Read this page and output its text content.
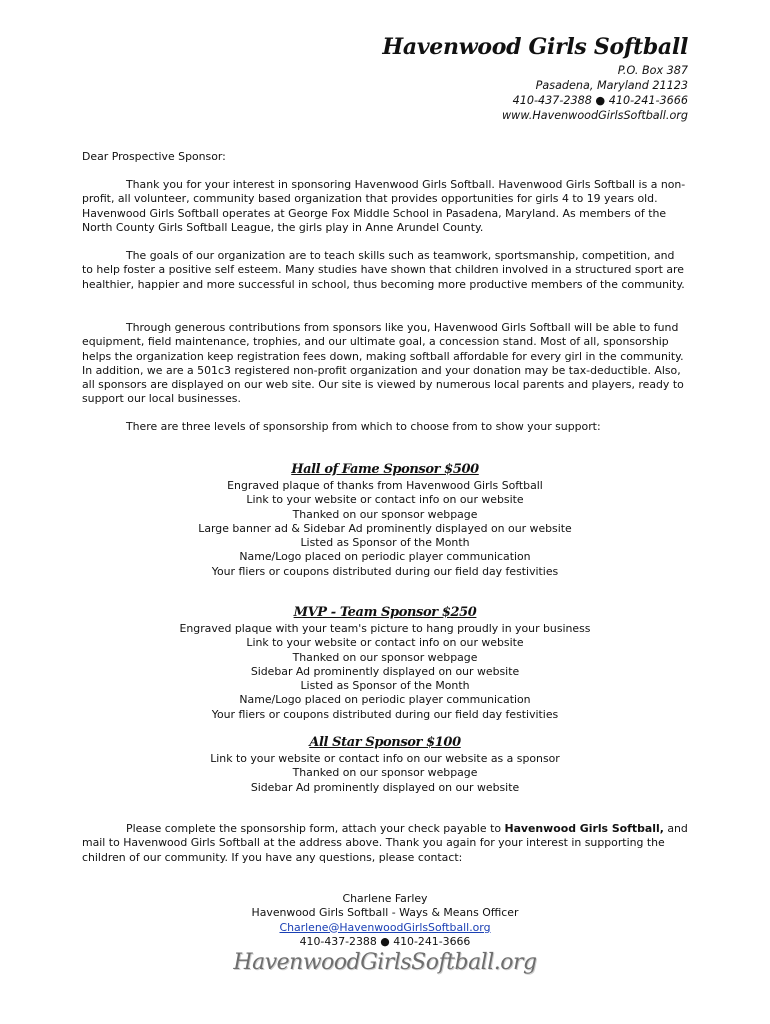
Havenwood Girls Softball
P.O. Box 387
Pasadena, Maryland 21123
410-437-2388 ● 410-241-3666
www.HavenwoodGirlsSoftball.org
Dear Prospective Sponsor:

Thank you for your interest in sponsoring Havenwood Girls Softball. Havenwood Girls Softball is a non-profit, all volunteer, community based organization that provides opportunities for girls 4 to 19 years old. Havenwood Girls Softball operates at George Fox Middle School in Pasadena, Maryland. As members of the North County Girls Softball League, the girls play in Anne Arundel County.

The goals of our organization are to teach skills such as teamwork, sportsmanship, competition, and to help foster a positive self esteem. Many studies have shown that children involved in a structured sport are healthier, happier and more successful in school, thus becoming more productive members of the community.

Through generous contributions from sponsors like you, Havenwood Girls Softball will be able to fund equipment, field maintenance, trophies, and our ultimate goal, a concession stand. Most of all, sponsorship helps the organization keep registration fees down, making softball affordable for every girl in the community. In addition, we are a 501c3 registered non-profit organization and your donation may be tax-deductible. Also, all sponsors are displayed on our web site. Our site is viewed by numerous local parents and players, ready to support our local businesses.

There are three levels of sponsorship from which to choose from to show your support:

Hall of Fame Sponsor $500
Engraved plaque of thanks from Havenwood Girls Softball
Link to your website or contact info on our website
Thanked on our sponsor webpage
Large banner ad & Sidebar Ad prominently displayed on our website
Listed as Sponsor of the Month
Name/Logo placed on periodic player communication
Your fliers or coupons distributed during our field day festivities
MVP - Team Sponsor $250
Engraved plaque with your team's picture to hang proudly in your business
Link to your website or contact info on our website
Thanked on our sponsor webpage
Sidebar Ad prominently displayed on our website
Listed as Sponsor of the Month
Name/Logo placed on periodic player communication
Your fliers or coupons distributed during our field day festivities
All Star Sponsor $100
Link to your website or contact info on our website as a sponsor
Thanked on our sponsor webpage
Sidebar Ad prominently displayed on our website

Please complete the sponsorship form, attach your check payable to Havenwood Girls Softball, and mail to Havenwood Girls Softball at the address above. Thank you again for your interest in supporting the children of our community. If you have any questions, please contact:

Charlene Farley
Havenwood Girls Softball - Ways & Means Officer
Charlene@HavenwoodGirlsSoftball.org
410-437-2388 ● 410-241-3666
HavenwoodGirlsSoftball.org
